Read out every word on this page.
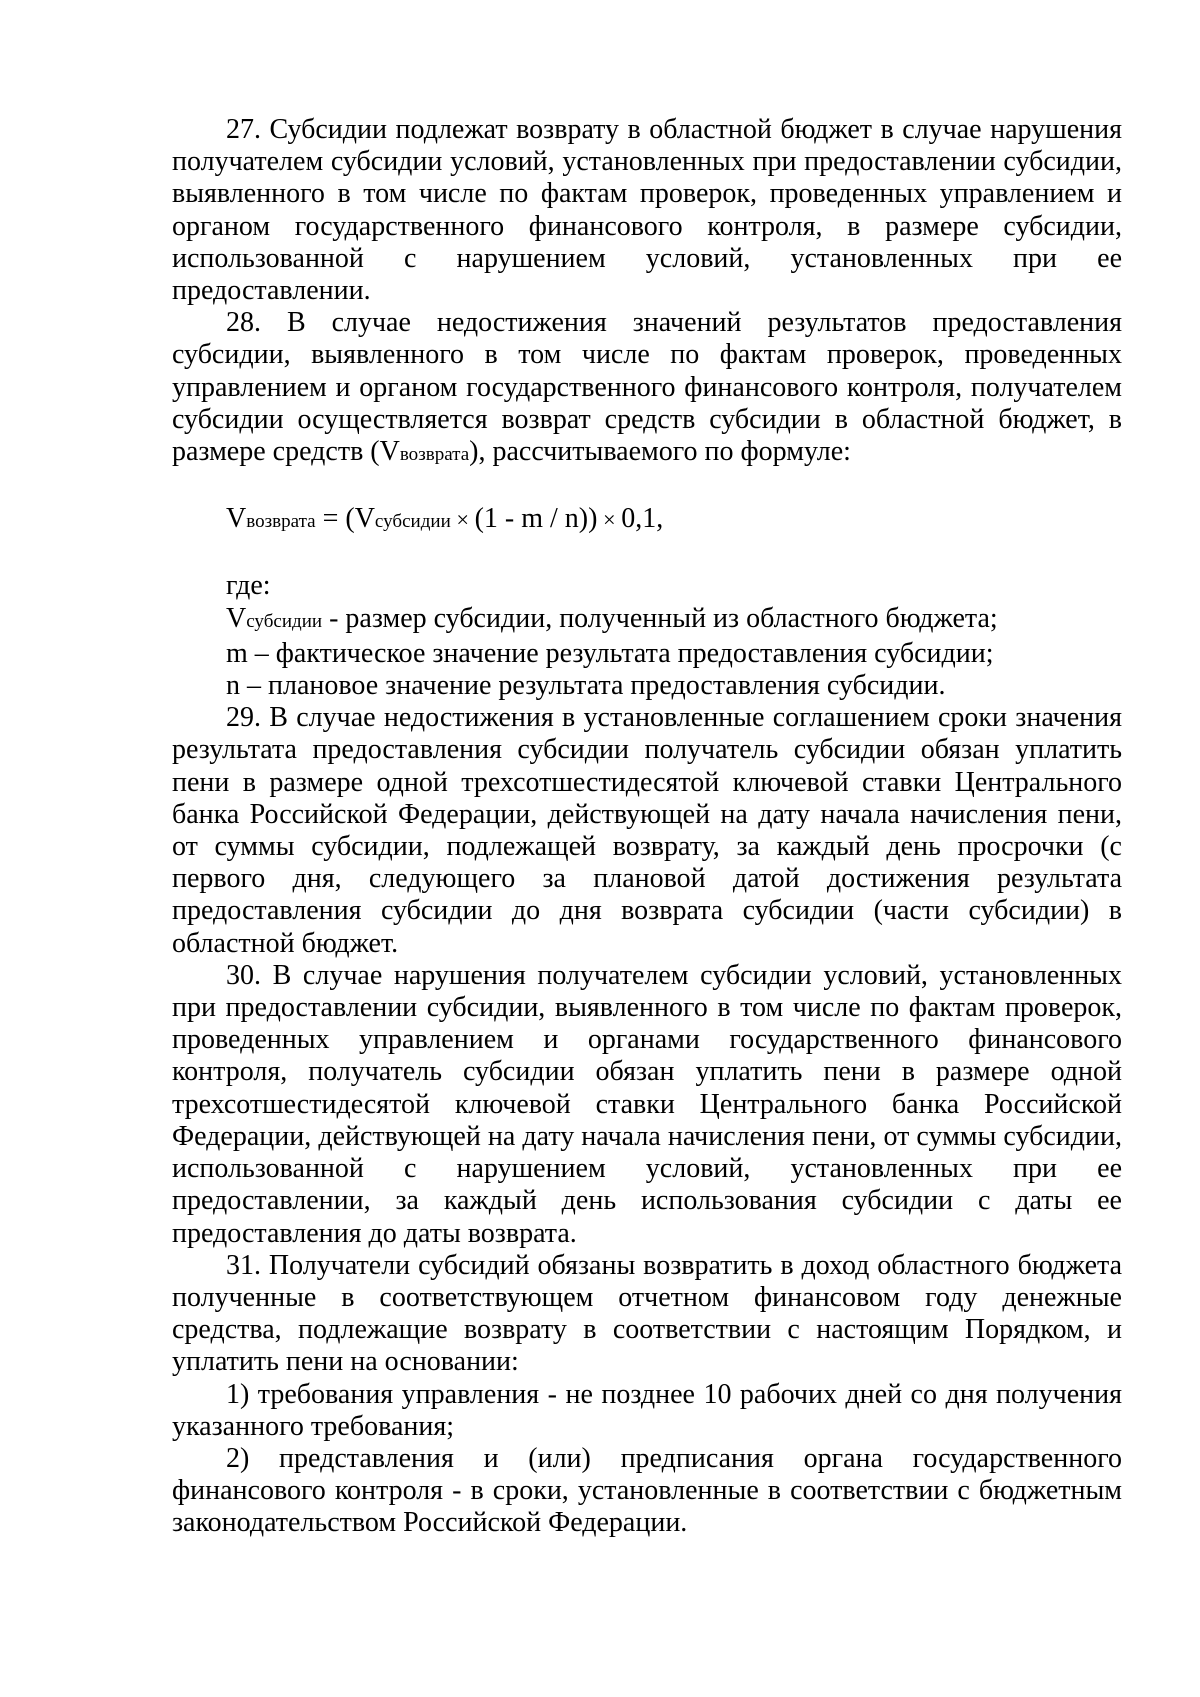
27. Субсидии подлежат возврату в областной бюджет в случае нарушения получателем субсидии условий, установленных при предоставлении субсидии, выявленного в том числе по фактам проверок, проведенных управлением и органом государственного финансового контроля, в размере субсидии, использованной с нарушением условий, установленных при ее предоставлении.

28. В случае недостижения значений результатов предоставления субсидии, выявленного в том числе по фактам проверок, проведенных управлением и органом государственного финансового контроля, получателем субсидии осуществляется возврат средств субсидии в областной бюджет, в размере средств (Vвозврата), рассчитываемого по формуле:

Vвозврата = (Vсубсидии × (1 - m / n)) × 0,1,

где:

Vсубсидии - размер субсидии, полученный из областного бюджета;

m – фактическое значение результата предоставления субсидии;

n – плановое значение результата предоставления субсидии.

29. В случае недостижения в установленные соглашением сроки значения результата предоставления субсидии получатель субсидии обязан уплатить пени в размере одной трехсотшестидесятой ключевой ставки Центрального банка Российской Федерации, действующей на дату начала начисления пени, от суммы субсидии, подлежащей возврату, за каждый день просрочки (с первого дня, следующего за плановой датой достижения результата предоставления субсидии до дня возврата субсидии (части субсидии) в областной бюджет.

30. В случае нарушения получателем субсидии условий, установленных при предоставлении субсидии, выявленного в том числе по фактам проверок, проведенных управлением и органами государственного финансового контроля, получатель субсидии обязан уплатить пени в размере одной трехсотшестидесятой ключевой ставки Центрального банка Российской Федерации, действующей на дату начала начисления пени, от суммы субсидии, использованной с нарушением условий, установленных при ее предоставлении, за каждый день использования субсидии с даты ее предоставления до даты возврата.

31. Получатели субсидий обязаны возвратить в доход областного бюджета полученные в соответствующем отчетном финансовом году денежные средства, подлежащие возврату в соответствии с настоящим Порядком, и уплатить пени на основании:

1) требования управления - не позднее 10 рабочих дней со дня получения указанного требования;

2) представления и (или) предписания органа государственного финансового контроля - в сроки, установленные в соответствии с бюджетным законодательством Российской Федерации.
